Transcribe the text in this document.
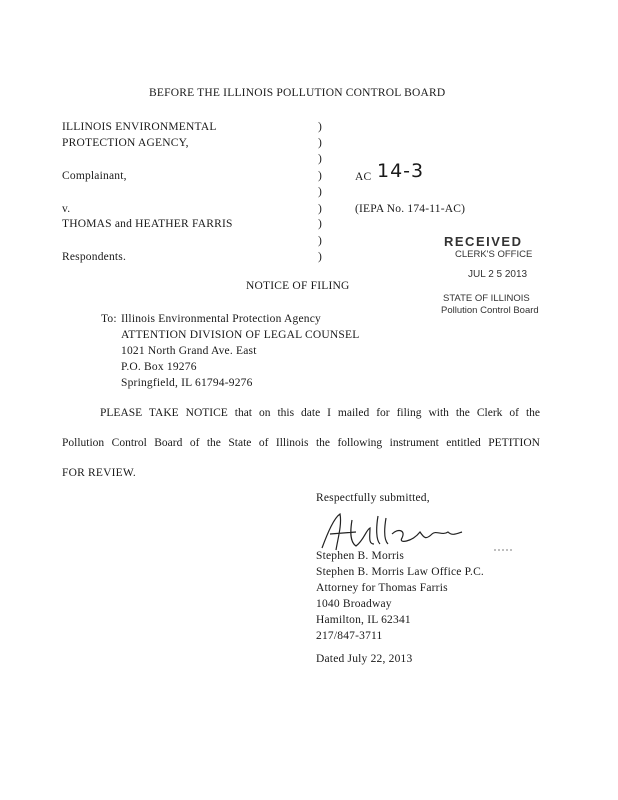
BEFORE THE ILLINOIS POLLUTION CONTROL BOARD
ILLINOIS ENVIRONMENTAL
PROTECTION AGENCY,
Complainant,
v.
THOMAS and HEATHER FARRIS
Respondents.
)
)
)
)
)
)
)
)
)
AC 14-3
(IEPA No. 174-11-AC)
RECEIVED
CLERK'S OFFICE
JUL 2 5 2013
STATE OF ILLINOIS
Pollution Control Board
NOTICE OF FILING
To: Illinois Environmental Protection Agency
ATTENTION DIVISION OF LEGAL COUNSEL
1021 North Grand Ave. East
P.O. Box 19276
Springfield, IL 61794-9276
PLEASE TAKE NOTICE that on this date I mailed for filing with the Clerk of the
Pollution Control Board of the State of Illinois the following instrument entitled PETITION
FOR REVIEW.
Respectfully submitted,
Stephen B. Morris
Stephen B. Morris Law Office P.C.
Attorney for Thomas Farris
1040 Broadway
Hamilton, IL 62341
217/847-3711
Dated July 22, 2013
